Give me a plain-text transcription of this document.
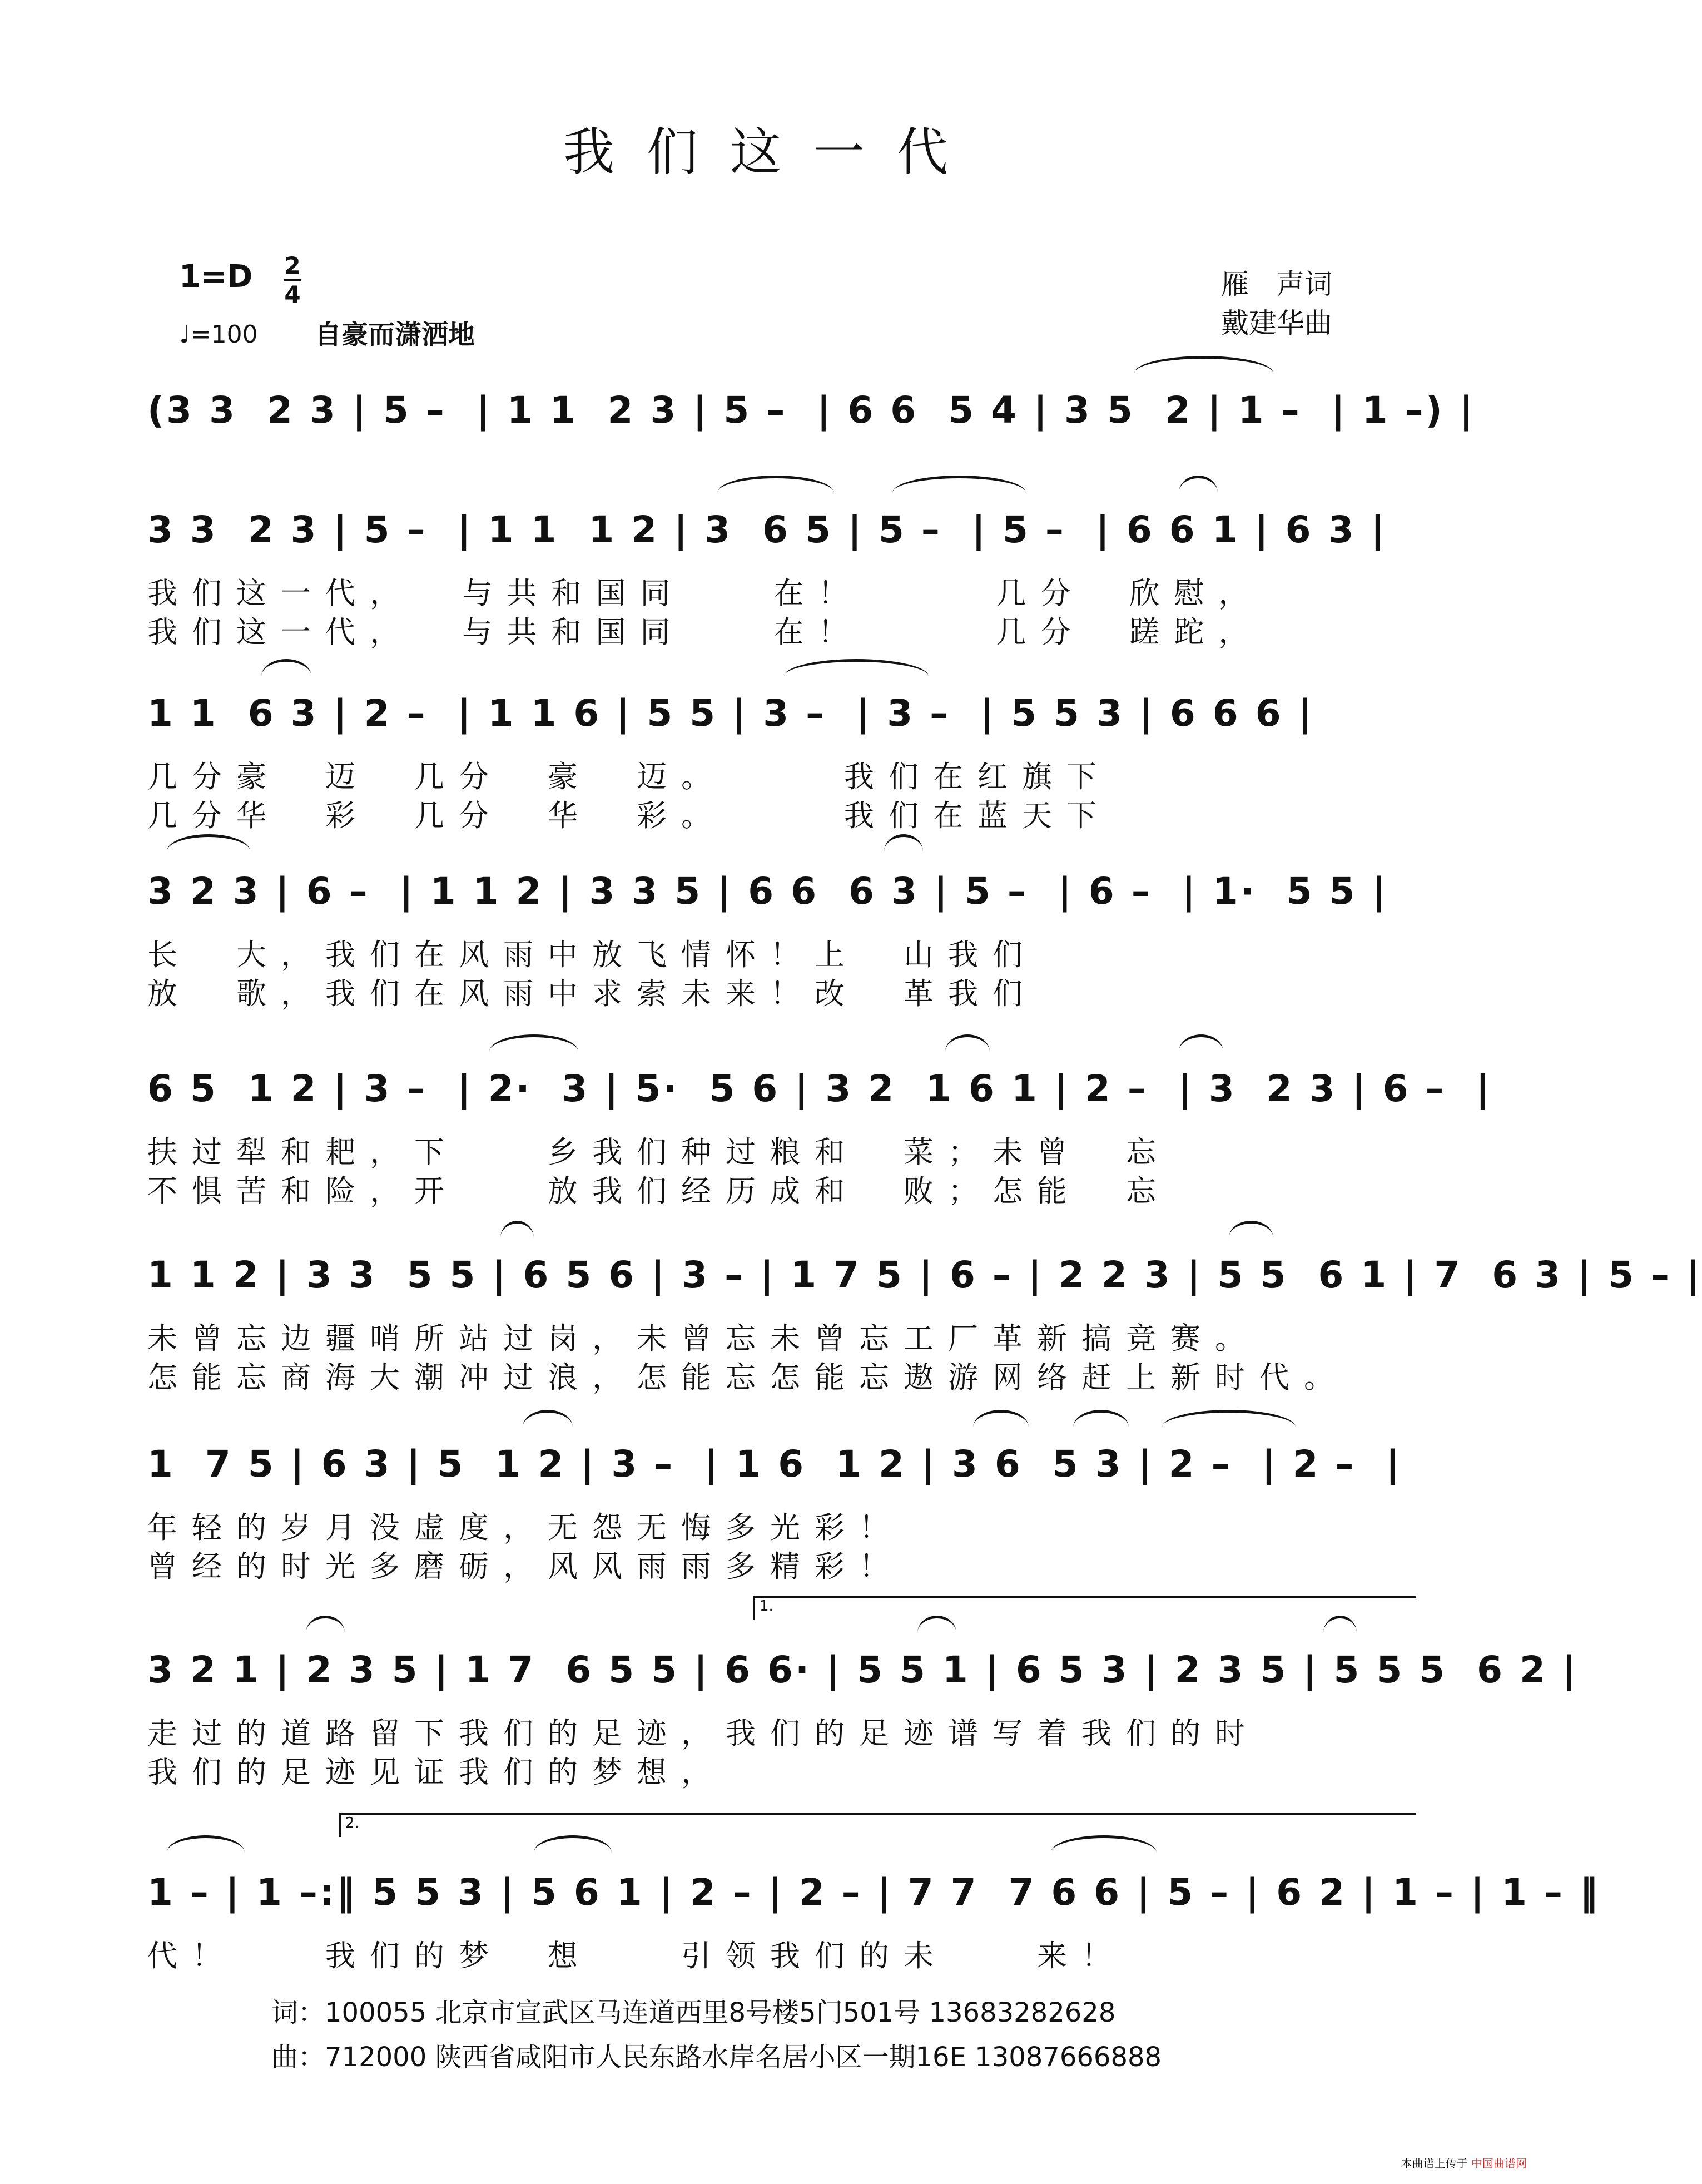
我们这一代
1=D 2
4
♩=100 自豪而潇洒地
雁　声词
戴建华曲
(3 3  2 3 | 5 –  | 1 1  2 3 | 5 –  | 6 6  5 4 | 3 5  2 | 1 –  | 1 –) |
3 3  2 3 | 5 –  | 1 1  1 2 | 3  6 5 | 5 –  | 5 –  | 6 6 1 | 6 3 |
我们这一代，  与共和国同　　在！　　　几分　欣慰，
我们这一代，  与共和国同　　在！　　　几分　蹉跎，
1 1  6 3 | 2 –  | 1 1 6 | 5 5 | 3 –  | 3 –  | 5 5 3 | 6 6 6 |
几分豪　迈　几分　豪　迈。　　　我们在红旗下
几分华　彩　几分　华　彩。　　　我们在蓝天下
3 2 3 | 6 –  | 1 1 2 | 3 3 5 | 6 6  6 3 | 5 –  | 6 –  | 1·  5 5 |
长　大，我们在风雨中放飞情怀！上　山我们
放　歌，我们在风雨中求索未来！改　革我们
6 5  1 2 | 3 –  | 2·  3 | 5·  5 6 | 3 2  1 6 1 | 2 –  | 3  2 3 | 6 –  |
扶过犁和耙，下　　乡我们种过粮和　菜；未曾　忘
不惧苦和险，开　　放我们经历成和　败；怎能　忘
1 1 2 | 3 3  5 5 | 6 5 6 | 3 – | 1 7 5 | 6 – | 2 2 3 | 5 5  6 1 | 7  6 3 | 5 – |
未曾忘边疆哨所站过岗，未曾忘未曾忘工厂革新搞竞赛。
怎能忘商海大潮冲过浪，怎能忘怎能忘遨游网络赶上新时代。
1  7 5 | 6 3 | 5  1 2 | 3 –  | 1 6  1 2 | 3 6  5 3 | 2 –  | 2 –  |
年轻的岁月没虚度，无怨无悔多光彩！
曾经的时光多磨砺，风风雨雨多精彩！
3 2 1 | 2 3 5 | 1 7  6 5 5 | 6 6· | 5 5 1 | 6 5 3 | 2 3 5 | 5 5 5  6 2 |
1.
走过的道路留下我们的足迹，我们的足迹谱写着我们的时
我们的足迹见证我们的梦想，
1 – | 1 –:‖ 5 5 3 | 5 6 1 | 2 – | 2 – | 7 7  7 6 6 | 5 – | 6 2 | 1 – | 1 – ‖
2.
代！　　我们的梦　想　　引领我们的未　　来！
词：100055 北京市宣武区马连道西里8号楼5门501号 13683282628
曲：712000 陕西省咸阳市人民东路水岸名居小区一期16E 13087666888
本曲谱上传于 中国曲谱网
